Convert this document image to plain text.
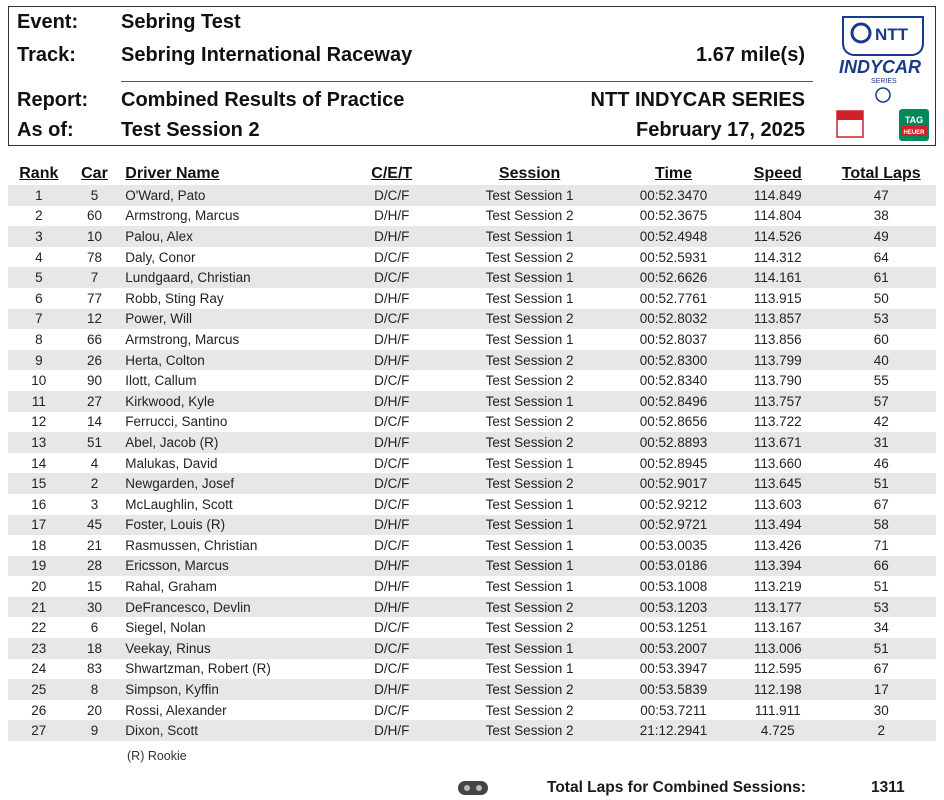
Event: Sebring Test
Track: Sebring International Raceway	1.67 mile(s)
Report: Combined Results of Practice	NTT INDYCAR SERIES
As of: Test Session 2	February 17, 2025
NTT
INDYCAR
SERIES
TAG
HEUER
Rank	Car	Driver Name	C/E/T	Session	Time	Speed	Total Laps
1	5	O'Ward, Pato	D/C/F	Test Session 1	00:52.3470	114.849	47
2	60	Armstrong, Marcus	D/H/F	Test Session 2	00:52.3675	114.804	38
3	10	Palou, Alex	D/H/F	Test Session 1	00:52.4948	114.526	49
4	78	Daly, Conor	D/C/F	Test Session 2	00:52.5931	114.312	64
5	7	Lundgaard, Christian	D/C/F	Test Session 1	00:52.6626	114.161	61
6	77	Robb, Sting Ray	D/H/F	Test Session 1	00:52.7761	113.915	50
7	12	Power, Will	D/C/F	Test Session 2	00:52.8032	113.857	53
8	66	Armstrong, Marcus	D/H/F	Test Session 1	00:52.8037	113.856	60
9	26	Herta, Colton	D/H/F	Test Session 2	00:52.8300	113.799	40
10	90	Ilott, Callum	D/C/F	Test Session 2	00:52.8340	113.790	55
11	27	Kirkwood, Kyle	D/H/F	Test Session 1	00:52.8496	113.757	57
12	14	Ferrucci, Santino	D/C/F	Test Session 2	00:52.8656	113.722	42
13	51	Abel, Jacob (R)	D/H/F	Test Session 2	00:52.8893	113.671	31
14	4	Malukas, David	D/C/F	Test Session 1	00:52.8945	113.660	46
15	2	Newgarden, Josef	D/C/F	Test Session 2	00:52.9017	113.645	51
16	3	McLaughlin, Scott	D/C/F	Test Session 1	00:52.9212	113.603	67
17	45	Foster, Louis (R)	D/H/F	Test Session 1	00:52.9721	113.494	58
18	21	Rasmussen, Christian	D/C/F	Test Session 1	00:53.0035	113.426	71
19	28	Ericsson, Marcus	D/H/F	Test Session 1	00:53.0186	113.394	66
20	15	Rahal, Graham	D/H/F	Test Session 1	00:53.1008	113.219	51
21	30	DeFrancesco, Devlin	D/H/F	Test Session 2	00:53.1203	113.177	53
22	6	Siegel, Nolan	D/C/F	Test Session 2	00:53.1251	113.167	34
23	18	Veekay, Rinus	D/C/F	Test Session 1	00:53.2007	113.006	51
24	83	Shwartzman, Robert (R)	D/C/F	Test Session 1	00:53.3947	112.595	67
25	8	Simpson, Kyffin	D/H/F	Test Session 2	00:53.5839	112.198	17
26	20	Rossi, Alexander	D/C/F	Test Session 2	00:53.7211	111.911	30
27	9	Dixon, Scott	D/H/F	Test Session 2	21:12.2941	4.725	2
(R) Rookie
Total Laps for Combined Sessions:	1311
